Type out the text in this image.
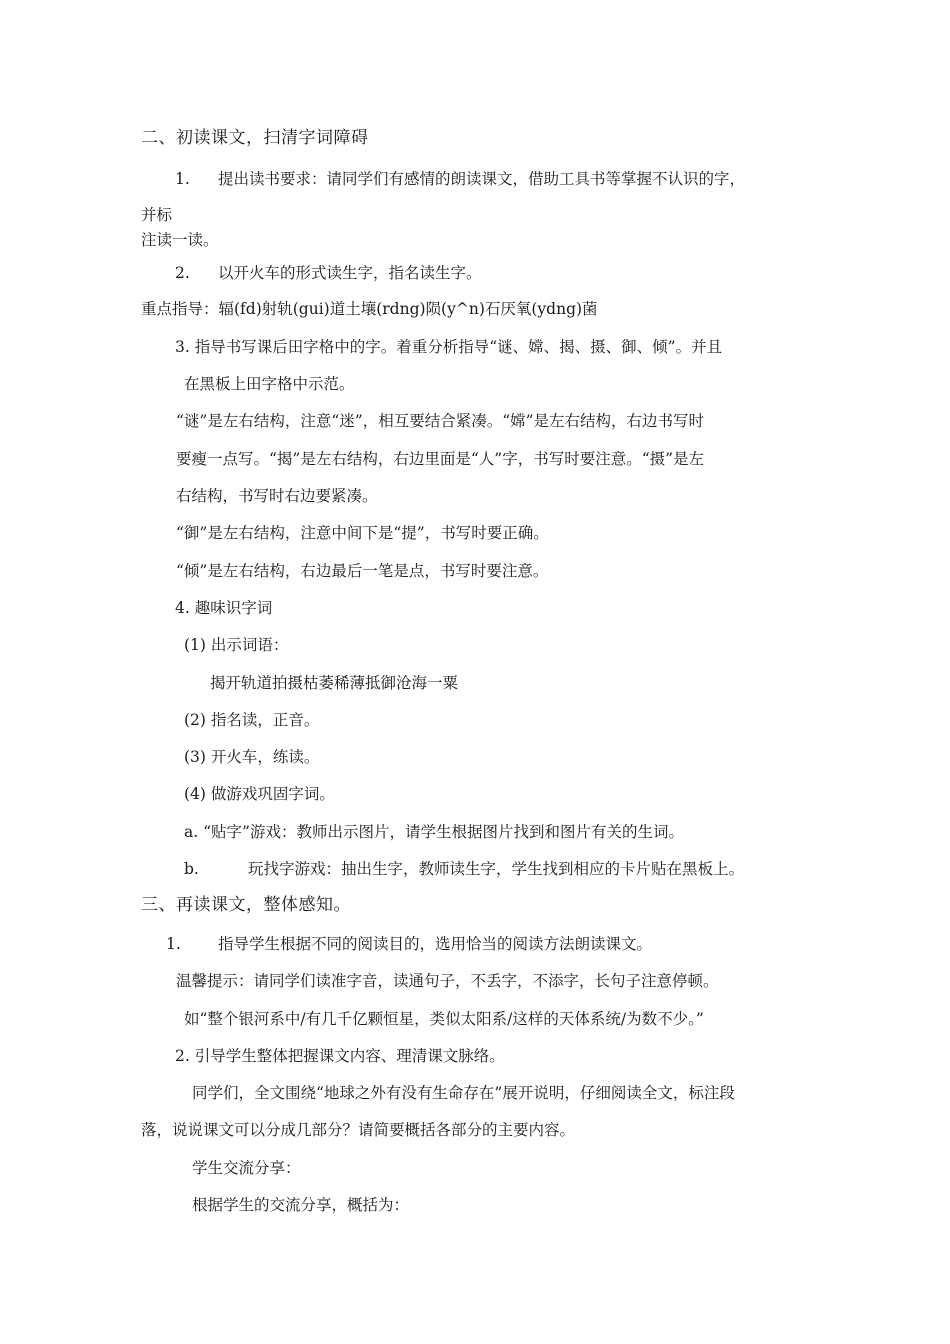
二、初读课文，扫清字词障碍
1. 提出读书要求：请同学们有感情的朗读课文，借助工具书等掌握不认识的字，
并标
注读一读。
2. 以开火车的形式读生字，指名读生字。
重点指导：辐(fd)射轨(gui)道土壤(rdng)陨(y^n)石厌氧(ydng)菌
3. 指导书写课后田字格中的字。着重分析指导“谜、嫦、揭、摄、御、倾”。并且
在黑板上田字格中示范。
“谜”是左右结构，注意“迷”，相互要结合紧凑。“嫦”是左右结构，右边书写时
要瘦一点写。“揭”是左右结构，右边里面是“人”字，书写时要注意。“摄”是左
右结构，书写时右边要紧凑。
“御”是左右结构，注意中间下是“提”，书写时要正确。
“倾”是左右结构，右边最后一笔是点，书写时要注意。
4. 趣味识字词
(1) 出示词语：
揭开轨道拍摄枯萎稀薄抵御沧海一粟
(2) 指名读，正音。
(3) 开火车，练读。
(4) 做游戏巩固字词。
a. “贴字”游戏：教师出示图片，请学生根据图片找到和图片有关的生词。
b.	玩找字游戏：抽出生字，教师读生字，学生找到相应的卡片贴在黑板上。
三、再读课文，整体感知。
1. 指导学生根据不同的阅读目的，选用恰当的阅读方法朗读课文。
温馨提示：请同学们读准字音，读通句子，不丢字，不添字，长句子注意停顿。
如“整个银河系中/有几千亿颗恒星，类似太阳系/这样的天体系统/为数不少。”
2. 引导学生整体把握课文内容、理清课文脉络。
同学们，全文围绕“地球之外有没有生命存在”展开说明，仔细阅读全文，标注段
落，说说课文可以分成几部分？请简要概括各部分的主要内容。
学生交流分享：
根据学生的交流分享，概括为：
